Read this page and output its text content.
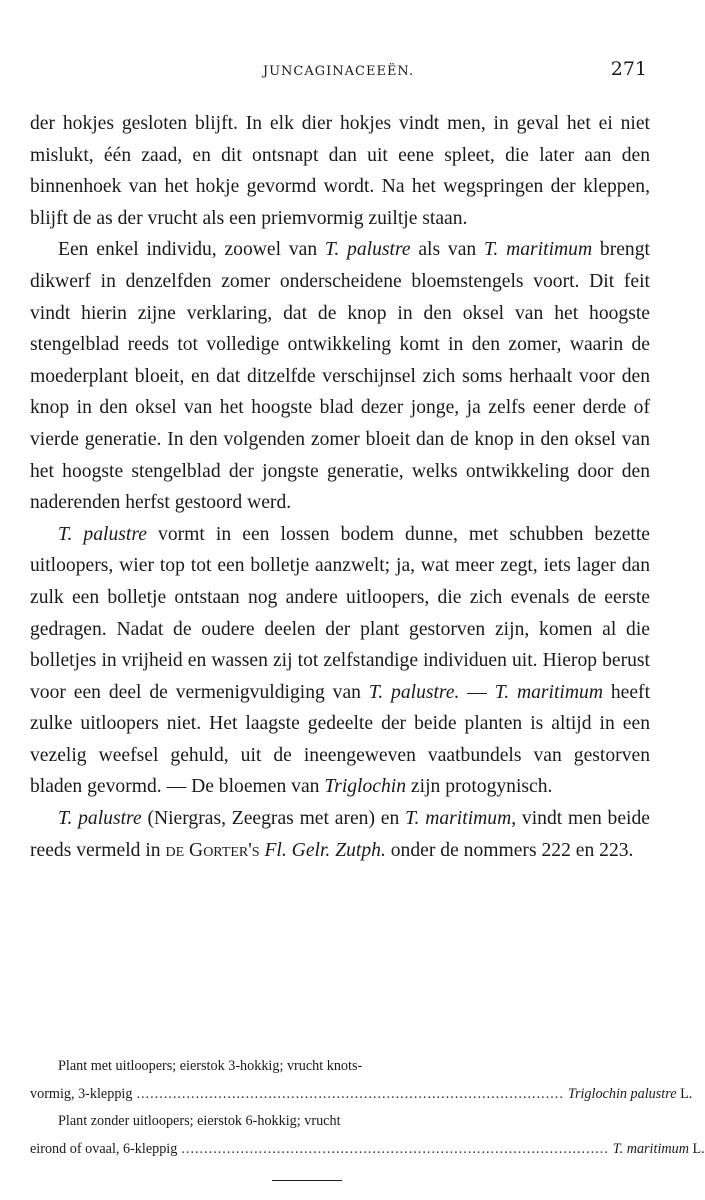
JUNCAGINACEEËN.	271

der hokjes gesloten blijft. In elk dier hokjes vindt men, in geval het ei niet mislukt, één zaad, en dit ontsnapt dan uit eene spleet, die later aan den binnenhoek van het hokje gevormd wordt. Na het wegspringen der kleppen, blijft de as der vrucht als een priemvormig zuiltje staan.

Een enkel individu, zoowel van T. palustre als van T. maritimum brengt dikwerf in denzelfden zomer onderscheidene bloemstengels voort. Dit feit vindt hierin zijne verklaring, dat de knop in den oksel van het hoogste stengelblad reeds tot volledige ontwikkeling komt in den zomer, waarin de moederplant bloeit, en dat ditzelfde verschijnsel zich soms herhaalt voor den knop in den oksel van het hoogste blad dezer jonge, ja zelfs eener derde of vierde generatie. In den volgenden zomer bloeit dan de knop in den oksel van het hoogste stengelblad der jongste generatie, welks ontwikkeling door den naderenden herfst gestoord werd.

T. palustre vormt in een lossen bodem dunne, met schubben bezette uitloopers, wier top tot een bolletje aanzwelt; ja, wat meer zegt, iets lager dan zulk een bolletje ontstaan nog andere uitloopers, die zich evenals de eerste gedragen. Nadat de oudere deelen der plant gestorven zijn, komen al die bolletjes in vrijheid en wassen zij tot zelfstandige individuen uit. Hierop berust voor een deel de vermenigvuldiging van T. palustre. — T. maritimum heeft zulke uitloopers niet. Het laagste gedeelte der beide planten is altijd in een vezelig weefsel gehuld, uit de ineengeweven vaatbundels van gestorven bladen gevormd. — De bloemen van Triglochin zijn protogynisch.

T. palustre (Niergras, Zeegras met aren) en T. maritimum, vindt men beide reeds vermeld in de Gorter's Fl. Gelr. Zutph. onder de nommers 222 en 223.

Plant met uitloopers; eierstok 3-hokkig; vrucht knots-
vormig, 3-kleppig .............................................................................................. Triglochin palustre L.
Plant zonder uitloopers; eierstok 6-hokkig; vrucht
eirond of ovaal, 6-kleppig .............................................................................................. T. maritimum L.
